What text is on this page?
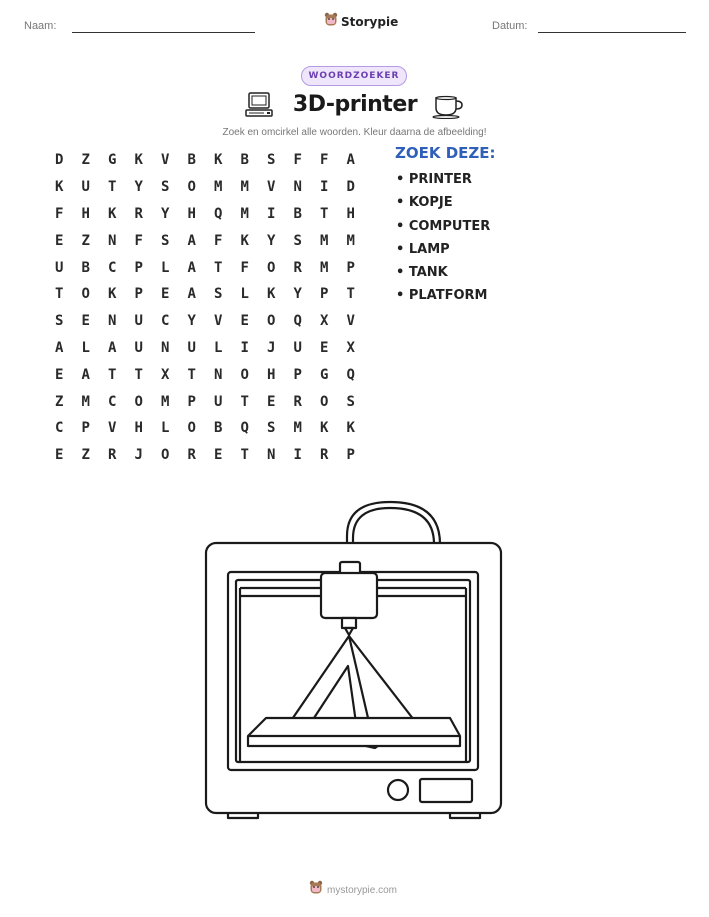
Naam:	Storypie	Datum:
WOORDZOEKER
3D-printer
Zoek en omcirkel alle woorden. Kleur daarna de afbeelding!
D	Z	G	K	V	B	K	B	S	F	F	A
K	U	T	Y	S	O	M	M	V	N	I	D
F	H	K	R	Y	H	Q	M	I	B	T	H
E	Z	N	F	S	A	F	K	Y	S	M	M
U	B	C	P	L	A	T	F	O	R	M	P
T	O	K	P	E	A	S	L	K	Y	P	T
S	E	N	U	C	Y	V	E	O	Q	X	V
A	L	A	U	N	U	L	I	J	U	E	X
E	A	T	T	X	T	N	O	H	P	G	Q
Z	M	C	O	M	P	U	T	E	R	O	S
C	P	V	H	L	O	B	Q	S	M	K	K
E	Z	R	J	O	R	E	T	N	I	R	P
ZOEK DEZE:
• PRINTER
• KOPJE
• COMPUTER
• LAMP
• TANK
• PLATFORM
mystorypie.com
